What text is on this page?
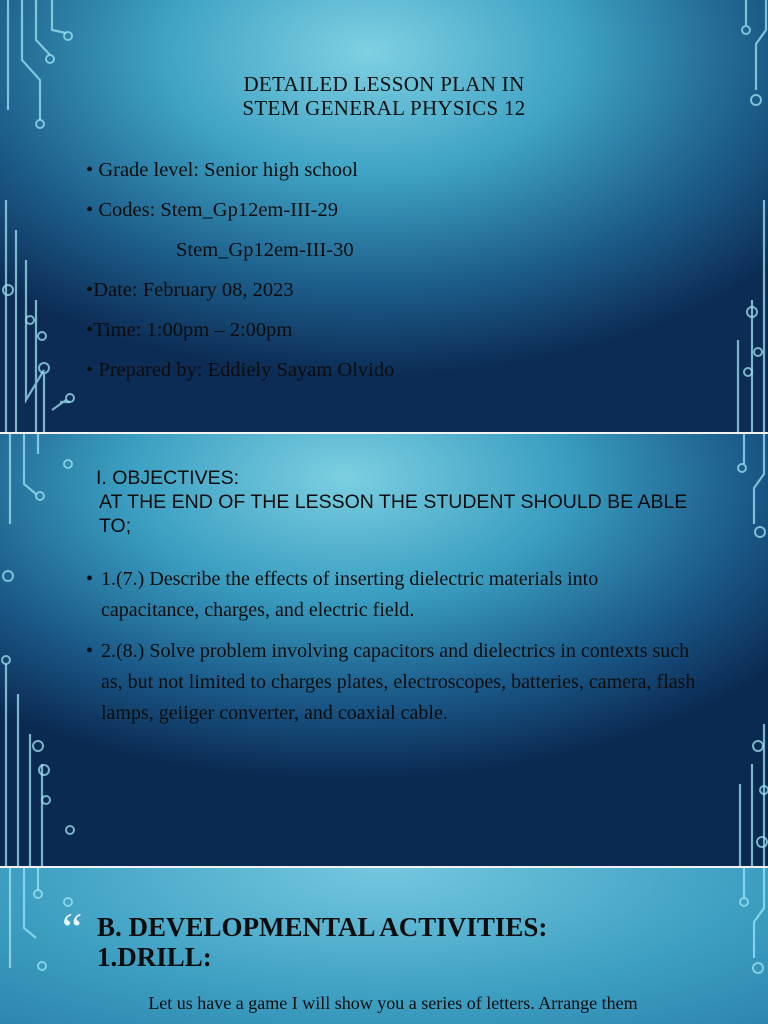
DETAILED LESSON PLAN IN
STEM GENERAL PHYSICS 12
• Grade level: Senior high school
• Codes: Stem_Gp12em-III-29
Stem_Gp12em-III-30
•Date: February 08, 2023
•Time: 1:00pm – 2:00pm
• Prepared by: Eddiely Sayam Olvido
I. OBJECTIVES:
AT THE END OF THE LESSON THE STUDENT SHOULD BE ABLE TO;
• 1.(7.) Describe the effects of inserting dielectric materials into capacitance, charges, and electric field.
• 2.(8.) Solve problem involving capacitors and dielectrics in contexts such as, but not limited to charges plates, electroscopes, batteries, camera, flash lamps, geiiger converter, and coaxial cable.
“ B. DEVELOPMENTAL ACTIVITIES:
1.DRILL:
Let us have a game I will show you a series of letters. Arrange them
